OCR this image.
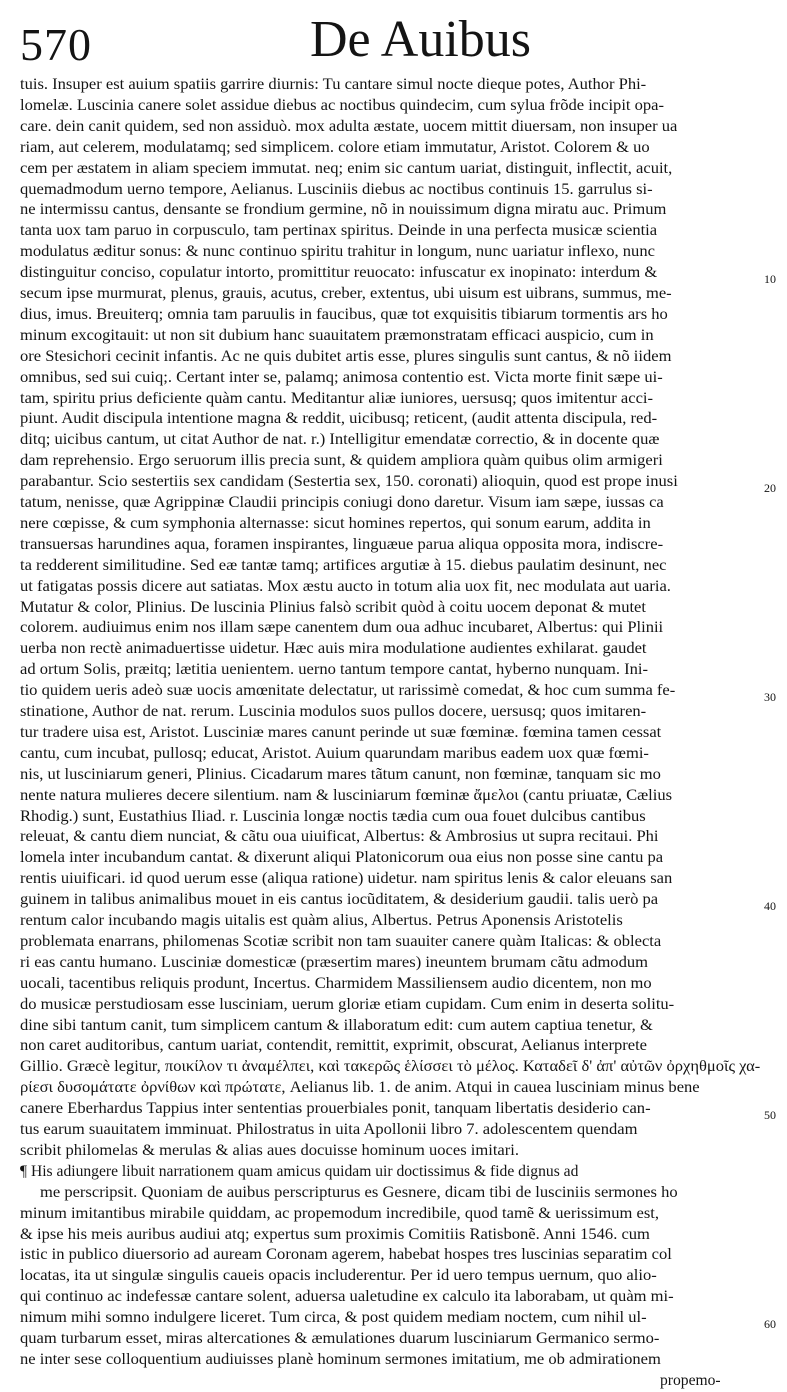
570	De Auibus
tuis. Insuper est auium spatiis garrire diurnis: Tu cantare simul nocte dieque potes, Author Phi-
lomelæ. Luscinia canere solet assidue diebus ac noctibus quindecim, cum sylua frõde incipit opa-
care. dein canit quidem, sed non assiduò. mox adulta æstate, uocem mittit diuersam, non insuper ua
riam, aut celerem, modulatamq; sed simplicem. colore etiam immutatur, Aristot. Colorem & uo
cem per æstatem in aliam speciem immutat. neq; enim sic cantum uariat, distinguit, inflectit, acuit,
quemadmodum uerno tempore, Aelianus. Lusciniis diebus ac noctibus continuis 15. garrulus si-
ne intermissu cantus, densante se frondium germine, nõ in nouissimum digna miratu auc. Primum
tanta uox tam paruo in corpusculo, tam pertinax spiritus. Deinde in una perfecta musicæ scientia
modulatus æditur sonus: & nunc continuo spiritu trahitur in longum, nunc uariatur inflexo, nunc
distinguitur conciso, copulatur intorto, promittitur reuocato: infuscatur ex inopinato: interdum &
secum ipse murmurat, plenus, grauis, acutus, creber, extentus, ubi uisum est uibrans, summus, me-
dius, imus. Breuiterq; omnia tam paruulis in faucibus, quæ tot exquisitis tibiarum tormentis ars ho
minum excogitauit: ut non sit dubium hanc suauitatem præmonstratam efficaci auspicio, cum in
ore Stesichori cecinit infantis. Ac ne quis dubitet artis esse, plures singulis sunt cantus, & nõ iidem
omnibus, sed sui cuiq;. Certant inter se, palamq; animosa contentio est. Victa morte finit sæpe ui-
tam, spiritu prius deficiente quàm cantu. Meditantur aliæ iuniores, uersusq; quos imitentur acci-
piunt. Audit discipula intentione magna & reddit, uicibusq; reticent, (audit attenta discipula, red-
ditq; uicibus cantum, ut citat Author de nat. r.) Intelligitur emendatæ correctio, & in docente quæ
dam reprehensio. Ergo seruorum illis precia sunt, & quidem ampliora quàm quibus olim armigeri
parabantur. Scio sestertiis sex candidam (Sestertia sex, 150. coronati) alioquin, quod est prope inusi
tatum, nenisse, quæ Agrippinæ Claudii principis coniugi dono daretur. Visum iam sæpe, iussas ca
nere cœpisse, & cum symphonia alternasse: sicut homines repertos, qui sonum earum, addita in
transuersas harundines aqua, foramen inspirantes, linguæue parua aliqua opposita mora, indiscre-
ta redderent similitudine. Sed eæ tantæ tamq; artifices argutiæ à 15. diebus paulatim desinunt, nec
ut fatigatas possis dicere aut satiatas. Mox æstu aucto in totum alia uox fit, nec modulata aut uaria.
Mutatur & color, Plinius. De luscinia Plinius falsò scribit quòd à coitu uocem deponat & mutet
colorem. audiuimus enim nos illam sæpe canentem dum oua adhuc incubaret, Albertus: qui Plinii
uerba non rectè animaduertisse uidetur. Hæc auis mira modulatione audientes exhilarat. gaudet
ad ortum Solis, præitq; lætitia uenientem. uerno tantum tempore cantat, hyberno nunquam. Ini-
tio quidem ueris adeò suæ uocis amœnitate delectatur, ut rarissimè comedat, & hoc cum summa fe-
stinatione, Author de nat. rerum. Luscinia modulos suos pullos docere, uersusq; quos imitaren-
tur tradere uisa est, Aristot. Lusciniæ mares canunt perinde ut suæ fœminæ. fœmina tamen cessat
cantu, cum incubat, pullosq; educat, Aristot. Auium quarundam maribus eadem uox quæ fœmi-
nis, ut lusciniarum generi, Plinius. Cicadarum mares tãtum canunt, non fœminæ, tanquam sic mo
nente natura mulieres decere silentium. nam & lusciniarum fœminæ ἄμελοι (cantu priuatæ, Cælius
Rhodig.) sunt, Eustathius Iliad. r. Luscinia longæ noctis tædia cum oua fouet dulcibus cantibus
releuat, & cantu diem nunciat, & cãtu oua uiuificat, Albertus: & Ambrosius ut supra recitaui. Phi
lomela inter incubandum cantat. & dixerunt aliqui Platonicorum oua eius non posse sine cantu pa
rentis uiuificari. id quod uerum esse (aliqua ratione) uidetur. nam spiritus lenis & calor eleuans san
guinem in talibus animalibus mouet in eis cantus iocũditatem, & desiderium gaudii. talis uerò pa
rentum calor incubando magis uitalis est quàm alius, Albertus. Petrus Aponensis Aristotelis
problemata enarrans, philomenas Scotiæ scribit non tam suauiter canere quàm Italicas: & oblecta
ri eas cantu humano. Lusciniæ domesticæ (præsertim mares) ineuntem brumam cãtu admodum
uocali, tacentibus reliquis produnt, Incertus. Charmidem Massiliensem audio dicentem, non mo
do musicæ perstudiosam esse lusciniam, uerum gloriæ etiam cupidam. Cum enim in deserta solitu-
dine sibi tantum canit, tum simplicem cantum & illaboratum edit: cum autem captiua tenetur, &
non caret auditoribus, cantum uariat, contendit, remittit, exprimit, obscurat, Aelianus interprete
Gillio. Græcè legitur, ποικίλον τι ἀναμέλπει, καὶ τακερῶς ἑλίσσει τὸ μέλος. Καταδεῖ δ' ἀπ' αὐτῶν ὀρχηθμοῖς χα-
ρίεσι δυσομάτατε ὀρνίθων καὶ πρώτατε, Aelianus lib. 1. de anim. Atqui in cauea lusciniam minus bene
canere Eberhardus Tappius inter sententias prouerbiales ponit, tanquam libertatis desiderio can-
tus earum suauitatem imminuat. Philostratus in uita Apollonii libro 7. adolescentem quendam
scribit philomelas & merulas & alias aues docuisse hominum uoces imitari.
¶ His adiungere libuit narrationem quam amicus quidam uir doctissimus & fide dignus ad
me perscripsit. Quoniam de auibus perscripturus es Gesnere, dicam tibi de lusciniis sermones ho
minum imitantibus mirabile quiddam, ac propemodum incredibile, quod tamẽ & uerissimum est,
& ipse his meis auribus audiui atq; expertus sum proximis Comitiis Ratisbonẽ. Anni 1546. cum
istic in publico diuersorio ad auream Coronam agerem, habebat hospes tres luscinias separatim col
locatas, ita ut singulæ singulis caueis opacis includerentur. Per id uero tempus uernum, quo alio-
qui continuo ac indefessæ cantare solent, aduersa ualetudine ex calculo ita laborabam, ut quàm mi-
nimum mihi somno indulgere liceret. Tum circa, & post quidem mediam noctem, cum nihil ul-
quam turbarum esset, miras altercationes & æmulationes duarum lusciniarum Germanico sermo-
ne inter sese colloquentium audiuisses planè hominum sermones imitatium, me ob admirationem
propemo-
10
20
30
40
50
60
